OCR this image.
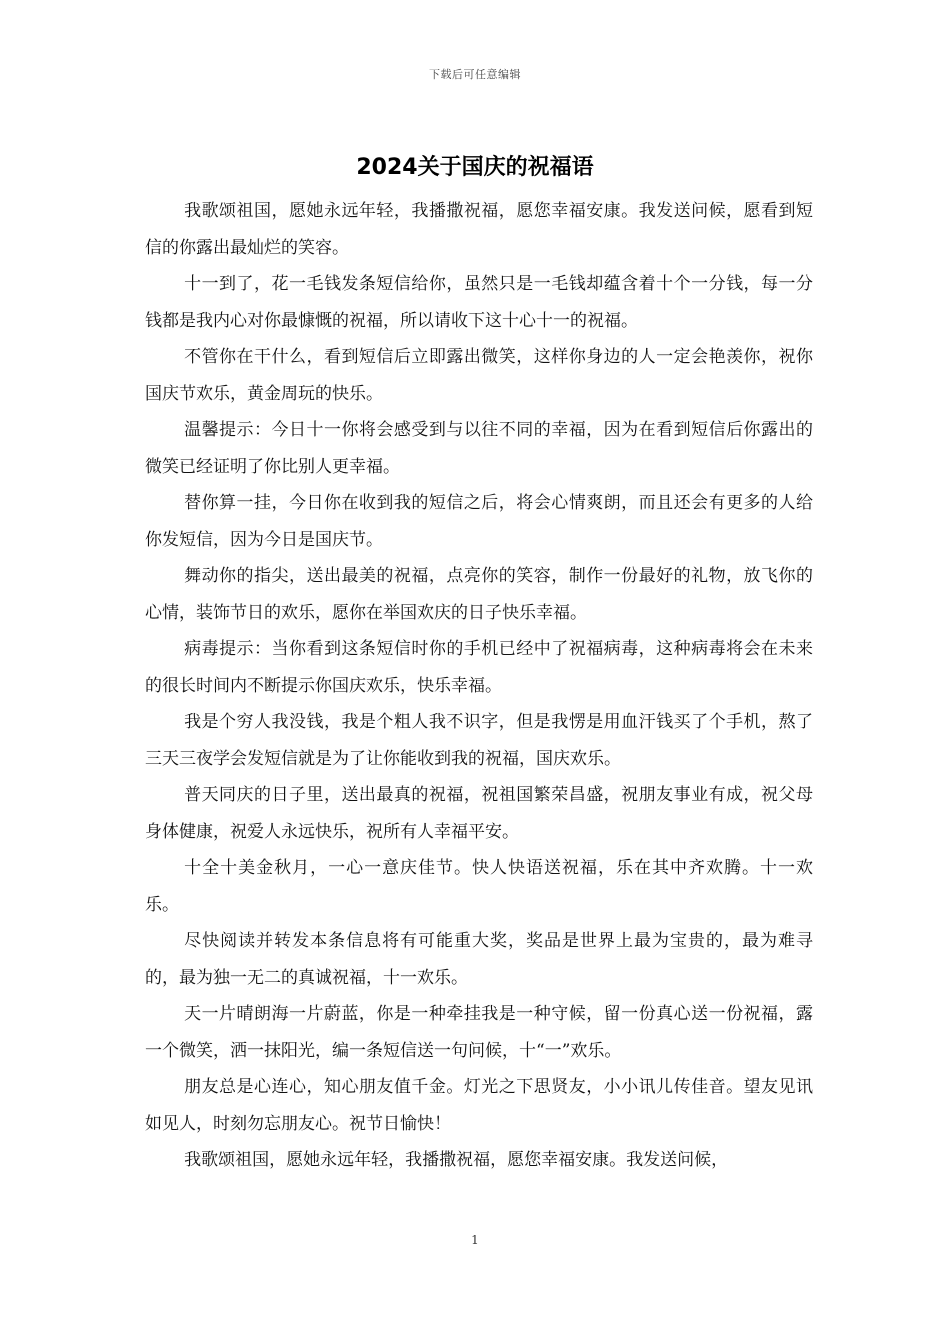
下载后可任意编辑
2024关于国庆的祝福语

我歌颂祖国，愿她永远年轻，我播撒祝福，愿您幸福安康。我发送问候，愿看到短信的你露出最灿烂的笑容。

十一到了，花一毛钱发条短信给你，虽然只是一毛钱却蕴含着十个一分钱，每一分钱都是我内心对你最慷慨的祝福，所以请收下这十心十一的祝福。

不管你在干什么，看到短信后立即露出微笑，这样你身边的人一定会艳羡你，祝你国庆节欢乐，黄金周玩的快乐。

温馨提示：今日十一你将会感受到与以往不同的幸福，因为在看到短信后你露出的微笑已经证明了你比别人更幸福。

替你算一挂，今日你在收到我的短信之后，将会心情爽朗，而且还会有更多的人给你发短信，因为今日是国庆节。

舞动你的指尖，送出最美的祝福，点亮你的笑容，制作一份最好的礼物，放飞你的心情，装饰节日的欢乐，愿你在举国欢庆的日子快乐幸福。

病毒提示：当你看到这条短信时你的手机已经中了祝福病毒，这种病毒将会在未来的很长时间内不断提示你国庆欢乐，快乐幸福。

我是个穷人我没钱，我是个粗人我不识字，但是我愣是用血汗钱买了个手机，熬了三天三夜学会发短信就是为了让你能收到我的祝福，国庆欢乐。

普天同庆的日子里，送出最真的祝福，祝祖国繁荣昌盛，祝朋友事业有成，祝父母身体健康，祝爱人永远快乐，祝所有人幸福平安。

十全十美金秋月，一心一意庆佳节。快人快语送祝福，乐在其中齐欢腾。十一欢乐。

尽快阅读并转发本条信息将有可能重大奖，奖品是世界上最为宝贵的，最为难寻的，最为独一无二的真诚祝福，十一欢乐。

天一片晴朗海一片蔚蓝，你是一种牵挂我是一种守候，留一份真心送一份祝福，露一个微笑，洒一抹阳光，编一条短信送一句问候，十“一”欢乐。

朋友总是心连心，知心朋友值千金。灯光之下思贤友，小小讯儿传佳音。望友见讯如见人，时刻勿忘朋友心。祝节日愉快！

我歌颂祖国，愿她永远年轻，我播撒祝福，愿您幸福安康。我发送问候，

1
